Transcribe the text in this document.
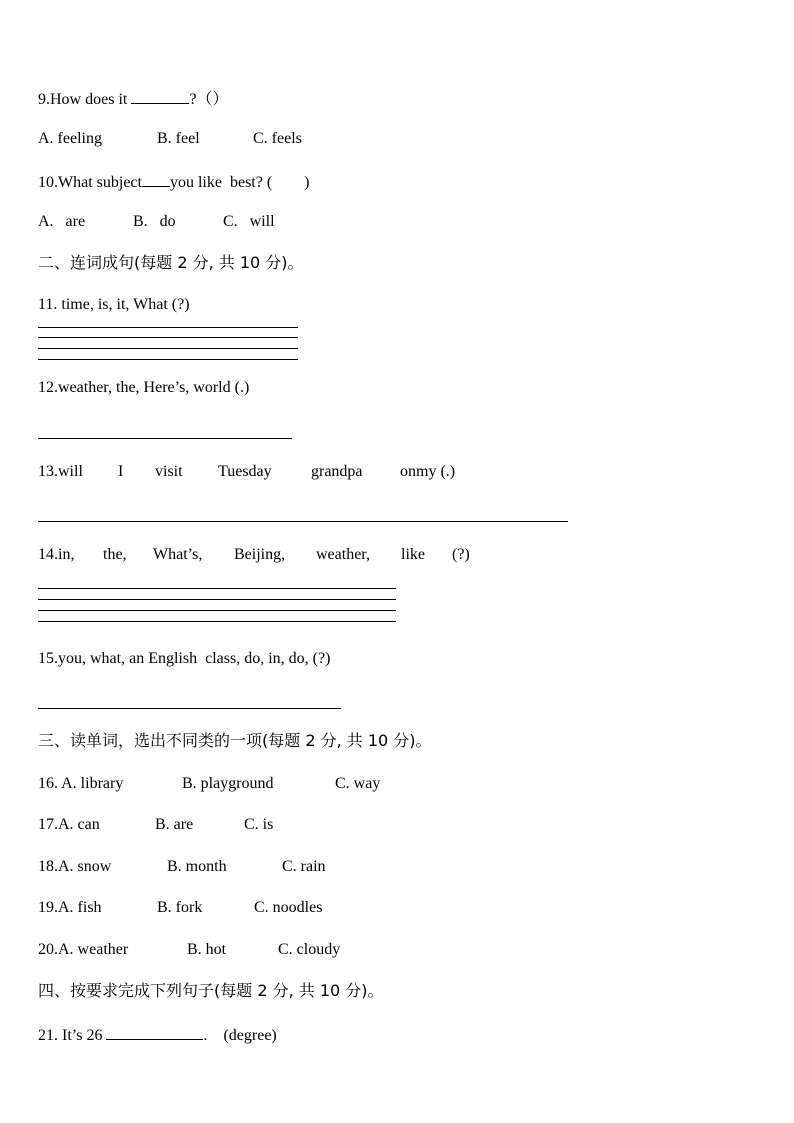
9.How does it	?（）
A. feeling	B. feel	C. feels
10.What subject you like  best? (        )
A.   are	B.   do	C.   will
二、连词成句(每题 2 分, 共 10 分)。
11. time, is, it, What (?)
12.weather, the, Here’s, world (.)
13.will I visit Tuesday grandpa onmy (.)
14.in, the, What’s, Beijing, weather, like (?)
15.you, what, an English  class, do, in, do, (?)
三、读单词，选出不同类的一项(每题 2 分, 共 10 分)。
16. A. library	B. playground	C. way
17.A. can	B. are	C. is
18.A. snow	B. month	C. rain
19.A. fish	B. fork	C. noodles
20.A. weather	B. hot	C. cloudy
四、按要求完成下列句子(每题 2 分, 共 10 分)。
21. It’s 26	.    (degree)
